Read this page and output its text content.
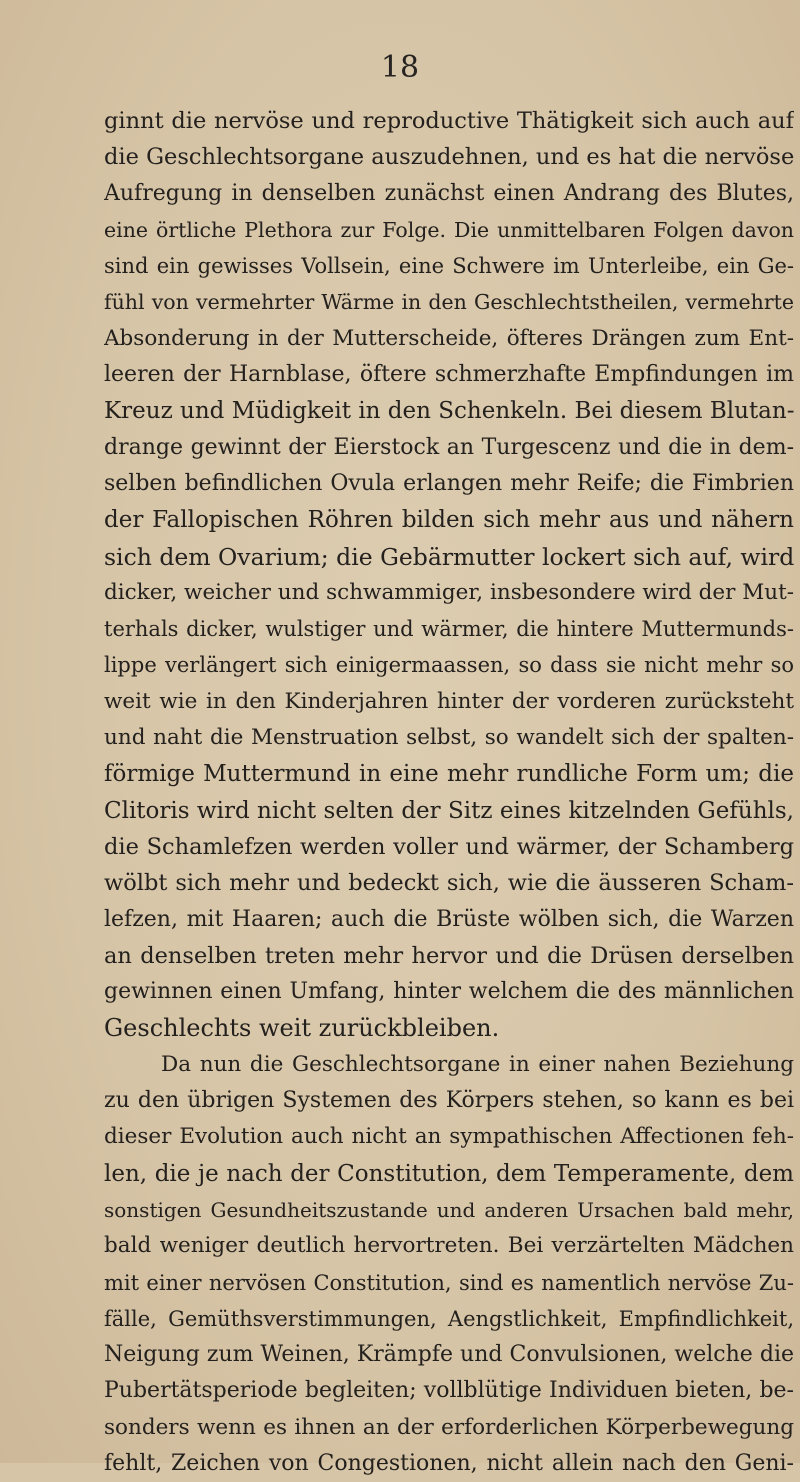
18
ginnt die nervöse und reproductive Thätigkeit sich auch auf
die Geschlechtsorgane auszudehnen, und es hat die nervöse
Aufregung in denselben zunächst einen Andrang des Blutes,
eine örtliche Plethora zur Folge. Die unmittelbaren Folgen davon
sind ein gewisses Vollsein, eine Schwere im Unterleibe, ein Ge-
fühl von vermehrter Wärme in den Geschlechtstheilen, vermehrte
Absonderung in der Mutterscheide, öfteres Drängen zum Ent-
leeren der Harnblase, öftere schmerzhafte Empfindungen im
Kreuz und Müdigkeit in den Schenkeln. Bei diesem Blutan-
drange gewinnt der Eierstock an Turgescenz und die in dem-
selben befindlichen Ovula erlangen mehr Reife; die Fimbrien
der Fallopischen Röhren bilden sich mehr aus und nähern
sich dem Ovarium; die Gebärmutter lockert sich auf, wird
dicker, weicher und schwammiger, insbesondere wird der Mut-
terhals dicker, wulstiger und wärmer, die hintere Muttermunds-
lippe verlängert sich einigermaassen, so dass sie nicht mehr so
weit wie in den Kinderjahren hinter der vorderen zurücksteht
und naht die Menstruation selbst, so wandelt sich der spalten-
förmige Muttermund in eine mehr rundliche Form um; die
Clitoris wird nicht selten der Sitz eines kitzelnden Gefühls,
die Schamlefzen werden voller und wärmer, der Schamberg
wölbt sich mehr und bedeckt sich, wie die äusseren Scham-
lefzen, mit Haaren; auch die Brüste wölben sich, die Warzen
an denselben treten mehr hervor und die Drüsen derselben
gewinnen einen Umfang, hinter welchem die des männlichen
Geschlechts weit zurückbleiben.
Da nun die Geschlechtsorgane in einer nahen Beziehung
zu den übrigen Systemen des Körpers stehen, so kann es bei
dieser Evolution auch nicht an sympathischen Affectionen feh-
len, die je nach der Constitution, dem Temperamente, dem
sonstigen Gesundheitszustande und anderen Ursachen bald mehr,
bald weniger deutlich hervortreten. Bei verzärtelten Mädchen
mit einer nervösen Constitution, sind es namentlich nervöse Zu-
fälle, Gemüthsverstimmungen, Aengstlichkeit, Empfindlichkeit,
Neigung zum Weinen, Krämpfe und Convulsionen, welche die
Pubertätsperiode begleiten; vollblütige Individuen bieten, be-
sonders wenn es ihnen an der erforderlichen Körperbewegung
fehlt, Zeichen von Congestionen, nicht allein nach den Geni-
